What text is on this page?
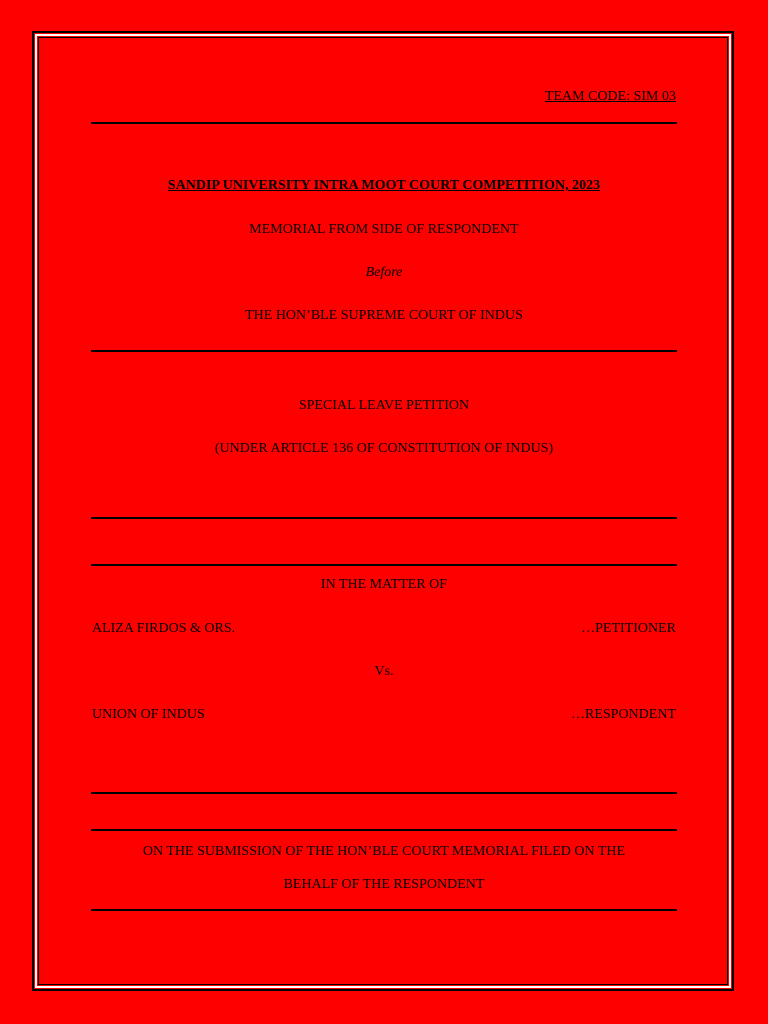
TEAM CODE: SIM 03
SANDIP UNIVERSITY INTRA MOOT COURT COMPETITION, 2023
MEMORIAL FROM SIDE OF RESPONDENT
Before
THE HON’BLE SUPREME COURT OF INDUS
SPECIAL LEAVE PETITION
(UNDER ARTICLE 136 OF CONSTITUTION OF INDUS)
IN THE MATTER OF
ALIZA FIRDOS & ORS.	…PETITIONER
Vs.
UNION OF INDUS	…RESPONDENT
ON THE SUBMISSION OF THE HON’BLE COURT MEMORIAL FILED ON THE
BEHALF OF THE RESPONDENT
